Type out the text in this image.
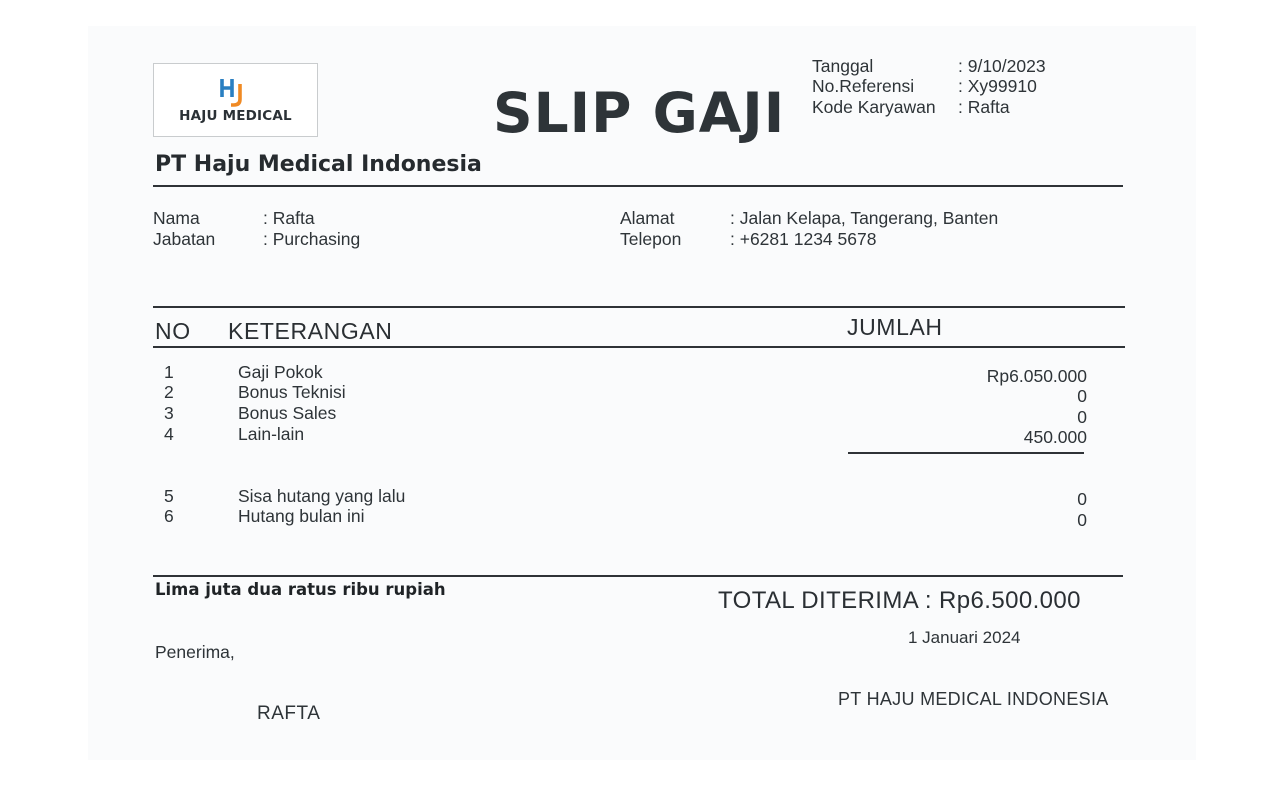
HAJU MEDICAL	SLIP GAJI
Tanggal	: 9/10/2023
No.Referensi	: Xy99910
Kode Karyawan : Rafta
PT Haju Medical Indonesia
Nama	: Rafta
Jabatan	: Purchasing
Alamat	: Jalan Kelapa, Tangerang, Banten
Telepon	: +6281 1234 5678
NO KETERANGAN	JUMLAH
1	Gaji Pokok	Rp6.050.000
2	Bonus Teknisi	0
3	Bonus Sales	0
4	Lain-lain	450.000
5	Sisa hutang yang lalu	0
6	Hutang bulan ini	0
Lima juta dua ratus ribu rupiah	TOTAL DITERIMA : Rp6.500.000
1 Januari 2024
Penerima,
PT HAJU MEDICAL INDONESIA
RAFTA
